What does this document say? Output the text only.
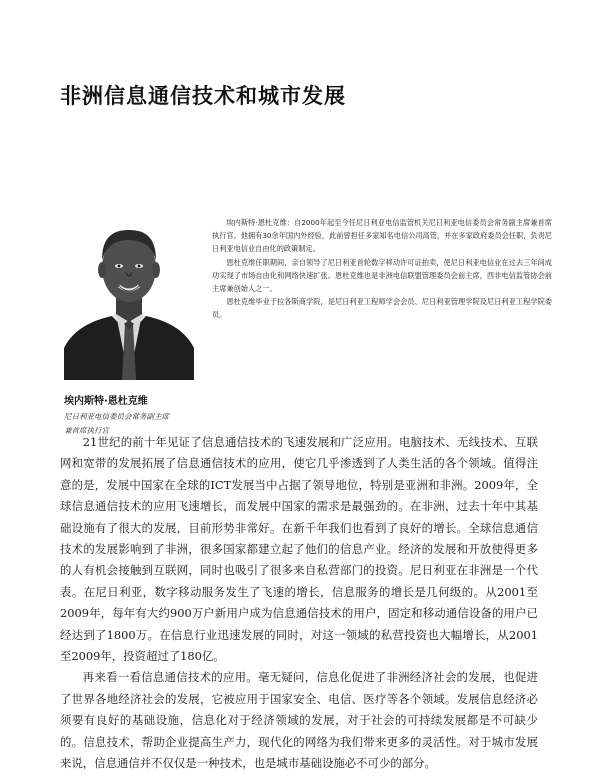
非洲信息通信技术和城市发展

埃内斯特·恩杜克维：自2000年起至今任尼日利亚电信监管机关尼日利亚电信委员会常务副主席兼首席执行官。他拥有30余年国内外经验，此前曾担任多家知名电信公司高管，并在多家政府委员会任职，负责尼日利亚电信业自由化的政策制定。

恩杜克维任职期间，亲自领导了尼日利亚首轮数字移动许可证拍卖，使尼日利亚电信业在过去三年间成功实现了市场自由化和网络快速扩张。恩杜克维也是非洲电信联盟管理委员会前主席，西非电信监管协会前主席兼创始人之一。

恩杜克维毕业于拉各斯商学院，是尼日利亚工程师学会会员、尼日利亚管理学院及尼日利亚工程学院委员。

埃内斯特·恩杜克维
尼日利亚电信委员会常务副主席
兼首席执行官

21世纪的前十年见证了信息通信技术的飞速发展和广泛应用。电脑技术、无线技术、互联网和宽带的发展拓展了信息通信技术的应用，使它几乎渗透到了人类生活的各个领域。值得注意的是，发展中国家在全球的ICT发展当中占据了领导地位，特别是亚洲和非洲。2009年，全球信息通信技术的应用飞速增长，而发展中国家的需求是最强劲的。在非洲，过去十年中其基础设施有了很大的发展，目前形势非常好。在新千年我们也看到了良好的增长。全球信息通信技术的发展影响到了非洲，很多国家都建立起了他们的信息产业。经济的发展和开放使得更多的人有机会接触到互联网，同时也吸引了很多来自私营部门的投资。尼日利亚在非洲是一个代表。在尼日利亚，数字移动服务发生了飞速的增长，信息服务的增长是几何级的。从2001至2009年，每年有大约900万户新用户成为信息通信技术的用户，固定和移动通信设备的用户已经达到了1800万。在信息行业迅速发展的同时，对这一领域的私营投资也大幅增长，从2001至2009年，投资超过了180亿。

再来看一看信息通信技术的应用。毫无疑问，信息化促进了非洲经济社会的发展，也促进了世界各地经济社会的发展，它被应用于国家安全、电信、医疗等各个领域。发展信息经济必须要有良好的基础设施，信息化对于经济领域的发展，对于社会的可持续发展都是不可缺少的。信息技术，帮助企业提高生产力，现代化的网络为我们带来更多的灵活性。对于城市发展来说，信息通信并不仅仅是一种技术，也是城市基础设施必不可少的部分。
